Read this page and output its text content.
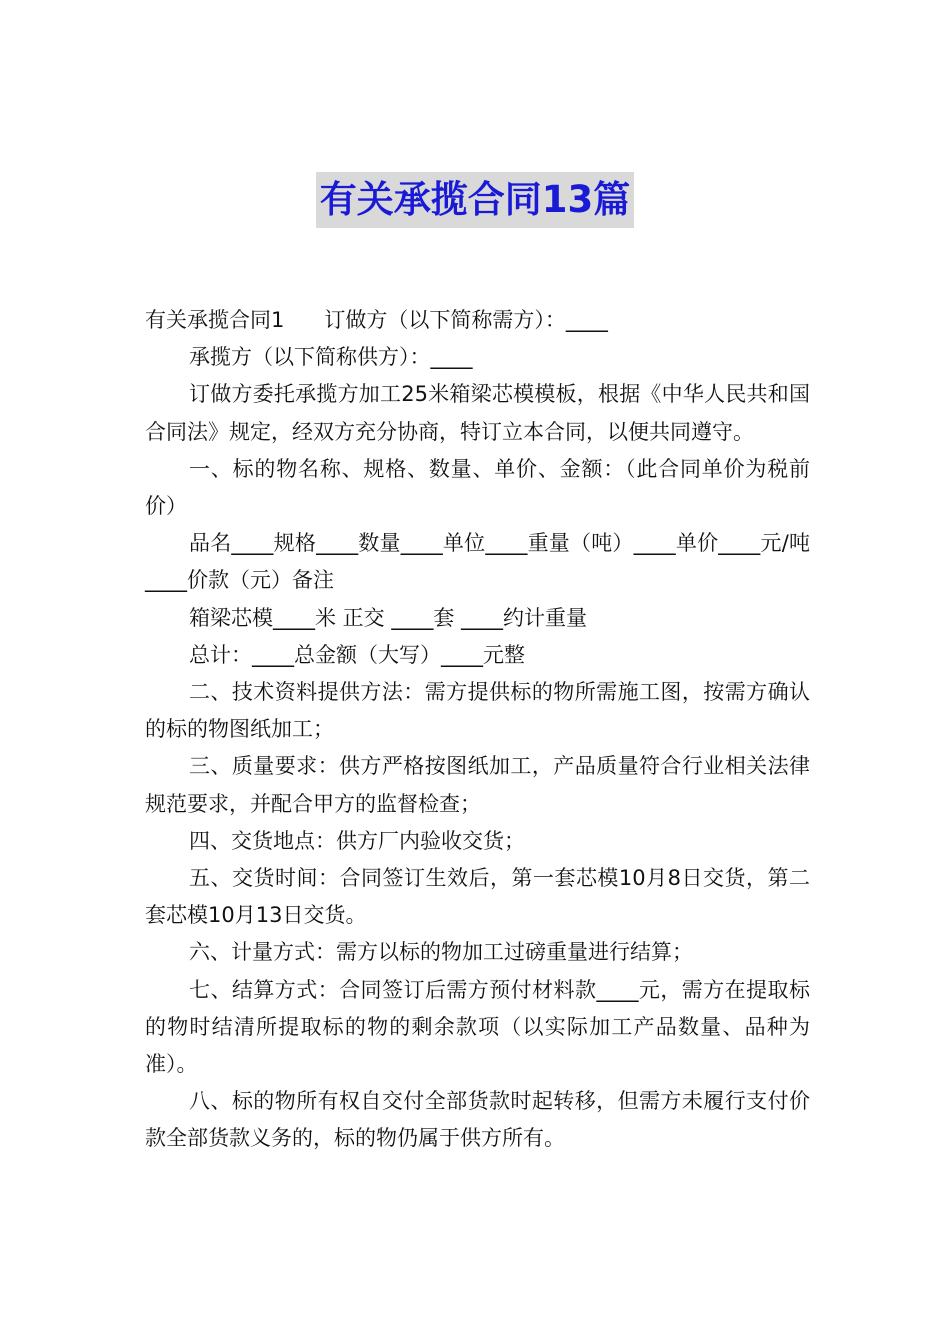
有关承揽合同13篇

有关承揽合同1 订做方（以下简称需方）：____

承揽方（以下简称供方）：____

订做方委托承揽方加工25米箱梁芯模模板，根据《中华人民共和国合同法》规定，经双方充分协商，特订立本合同，以便共同遵守。

一、标的物名称、规格、数量、单价、金额：（此合同单价为税前价）

品名____规格____数量____单位____重量（吨）____单价____元/吨____价款（元）备注

箱梁芯模____米 正交 ____套 ____约计重量

总计：____总金额（大写）____元整

二、技术资料提供方法：需方提供标的物所需施工图，按需方确认的标的物图纸加工；

三、质量要求：供方严格按图纸加工，产品质量符合行业相关法律规范要求，并配合甲方的监督检查；

四、交货地点：供方厂内验收交货；

五、交货时间：合同签订生效后，第一套芯模10月8日交货，第二套芯模10月13日交货。

六、计量方式：需方以标的物加工过磅重量进行结算；

七、结算方式：合同签订后需方预付材料款____元，需方在提取标的物时结清所提取标的物的剩余款项（以实际加工产品数量、品种为准）。

八、标的物所有权自交付全部货款时起转移，但需方未履行支付价款全部货款义务的，标的物仍属于供方所有。
